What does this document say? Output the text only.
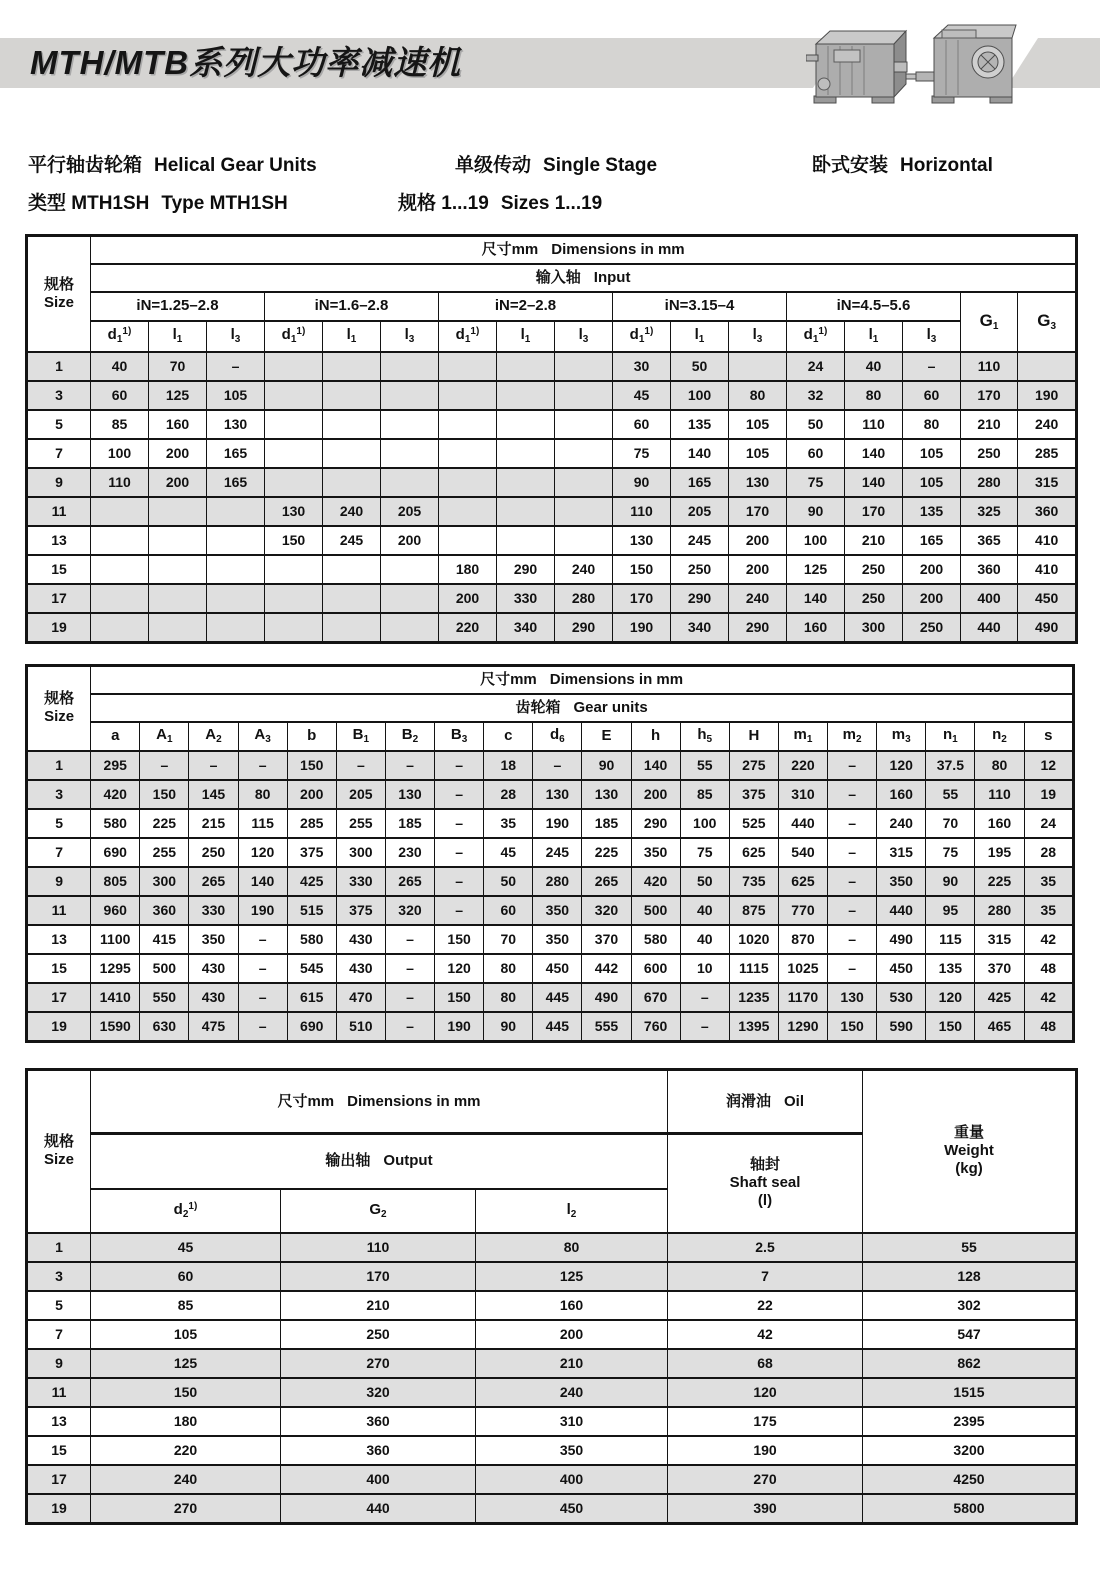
MTH/MTB系列大功率减速机
平行轴齿轮箱 Helical Gear Units	单级传动 Single Stage	卧式安装 Horizontal
类型 MTH1SH Type MTH1SH	规格 1...19 Sizes 1...19
规格
Size	尺寸mm Dimensions in mm																
	输入轴 Input																
	iN=1.25–2.8			iN=1.6–2.8			iN=2–2.8			iN=3.15–4			iN=4.5–5.6			$G_1$	$G_3$
	$d_1^{1)}$	$l_1$	$l_3$	$d_1^{1)}$	$l_1$	$l_3$	$d_1^{1)}$	$l_1$	$l_3$	$d_1^{1)}$	$l_1$	$l_3$	$d_1^{1)}$	$l_1$	$l_3$
1	40	70	–							30	50		24	40	–	110	
3	60	125	105							45	100	80	32	80	60	170	190
5	85	160	130							60	135	105	50	110	80	210	240
7	100	200	165							75	140	105	60	140	105	250	285
9	110	200	165							90	165	130	75	140	105	280	315
11				130	240	205				110	205	170	90	170	135	325	360
13				150	245	200				130	245	200	100	210	165	365	410
15							180	290	240	150	250	200	125	250	200	360	410
17							200	330	280	170	290	240	140	250	200	400	450
19							220	340	290	190	340	290	160	300	250	440	490
规格
Size	尺寸mm Dimensions in mm																			
	齿轮箱 Gear units																			
	a	$A_1$	$A_2$	$A_3$	b	$B_1$	$B_2$	$B_3$	c	$d_6$	E	h	$h_5$	H	$m_1$	$m_2$	$m_3$	$n_1$	$n_2$	s
1	295	–	–	–	150	–	–	–	18	–	90	140	55	275	220	–	120	37.5	80	12
3	420	150	145	80	200	205	130	–	28	130	130	200	85	375	310	–	160	55	110	19
5	580	225	215	115	285	255	185	–	35	190	185	290	100	525	440	–	240	70	160	24
7	690	255	250	120	375	300	230	–	45	245	225	350	75	625	540	–	315	75	195	28
9	805	300	265	140	425	330	265	–	50	280	265	420	50	735	625	–	350	90	225	35
11	960	360	330	190	515	375	320	–	60	350	320	500	40	875	770	–	440	95	280	35
13	1100	415	350	–	580	430	–	150	70	350	370	580	40	1020	870	–	490	115	315	42
15	1295	500	430	–	545	430	–	120	80	450	442	600	10	1115	1025	–	450	135	370	48
17	1410	550	430	–	615	470	–	150	80	445	490	670	–	1235	1170	130	530	120	425	42
19	1590	630	475	–	690	510	–	190	90	445	555	760	–	1395	1290	150	590	150	465	48
规格
Size	尺寸mm Dimensions in mm			润滑油 Oil	重量
Weight
(kg)
	输出轴 Output			轴封
Shaft seal
(l)	
	$d_2^{1)}$	$G_2$	$l_2$
1	45	110	80	2.5	55
3	60	170	125	7	128
5	85	210	160	22	302
7	105	250	200	42	547
9	125	270	210	68	862
11	150	320	240	120	1515
13	180	360	310	175	2395
15	220	360	350	190	3200
17	240	400	400	270	4250
19	270	440	450	390	5800
